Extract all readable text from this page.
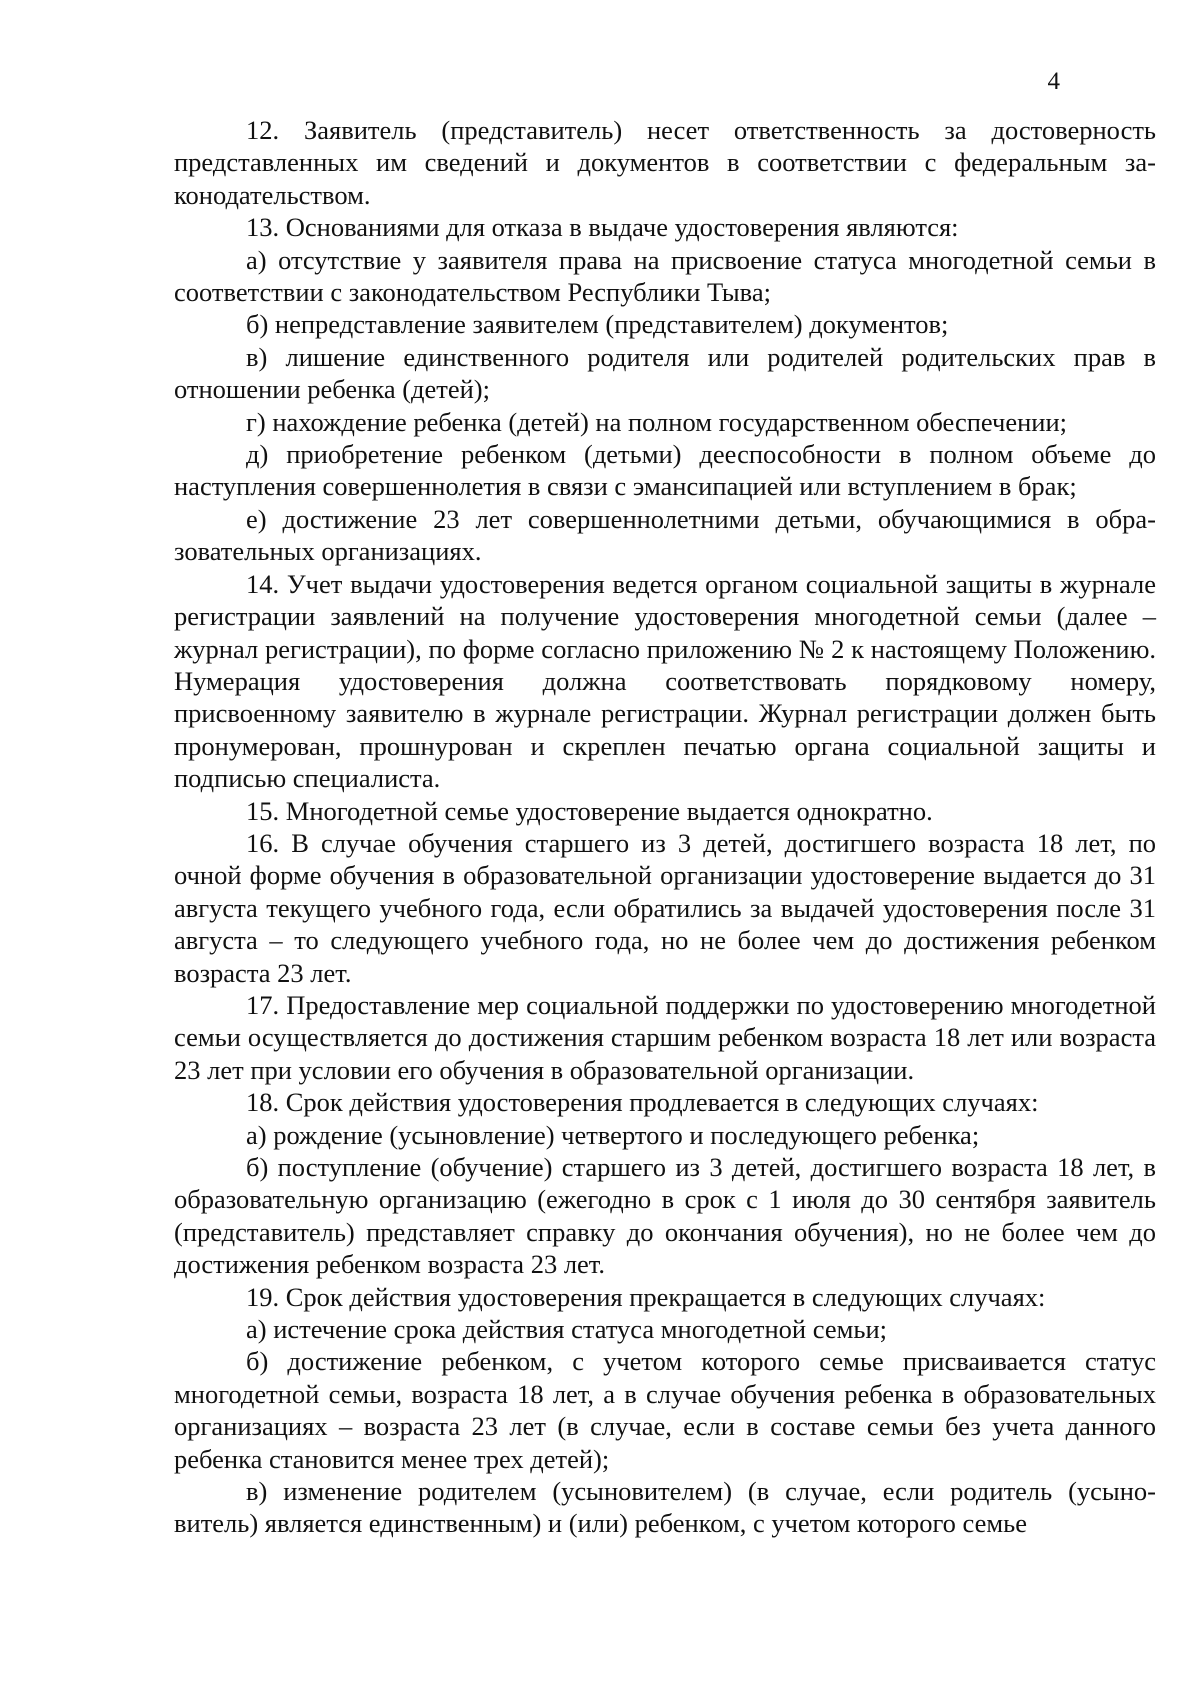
4

12. Заявитель (представитель) несет ответственность за достоверность представленных им сведений и документов в соответствии с федеральным законодательством.

13. Основаниями для отказа в выдаче удостоверения являются:

а) отсутствие у заявителя права на присвоение статуса многодетной семьи в соответствии с законодательством Республики Тыва;

б) непредставление заявителем (представителем) документов;

в) лишение единственного родителя или родителей родительских прав в отношении ребенка (детей);

г) нахождение ребенка (детей) на полном государственном обеспечении;

д) приобретение ребенком (детьми) дееспособности в полном объеме до наступления совершеннолетия в связи с эмансипацией или вступлением в брак;

е) достижение 23 лет совершеннолетними детьми, обучающимися в образовательных организациях.

14. Учет выдачи удостоверения ведется органом социальной защиты в журнале регистрации заявлений на получение удостоверения многодетной семьи (далее – журнал регистрации), по форме согласно приложению № 2 к настоящему Положению. Нумерация удостоверения должна соответствовать порядковому номеру, присвоенному заявителю в журнале регистрации. Журнал регистрации должен быть пронумерован, прошнурован и скреплен печатью органа социальной защиты и подписью специалиста.

15. Многодетной семье удостоверение выдается однократно.

16. В случае обучения старшего из 3 детей, достигшего возраста 18 лет, по очной форме обучения в образовательной организации удостоверение выдается до 31 августа текущего учебного года, если обратились за выдачей удостоверения после 31 августа – то следующего учебного года, но не более чем до достижения ребенком возраста 23 лет.

17. Предоставление мер социальной поддержки по удостоверению многодетной семьи осуществляется до достижения старшим ребенком возраста 18 лет или возраста 23 лет при условии его обучения в образовательной организации.

18. Срок действия удостоверения продлевается в следующих случаях:

а) рождение (усыновление) четвертого и последующего ребенка;

б) поступление (обучение) старшего из 3 детей, достигшего возраста 18 лет, в образовательную организацию (ежегодно в срок с 1 июля до 30 сентября заявитель (представитель) представляет справку до окончания обучения), но не более чем до достижения ребенком возраста 23 лет.

19. Срок действия удостоверения прекращается в следующих случаях:

а) истечение срока действия статуса многодетной семьи;

б) достижение ребенком, с учетом которого семье присваивается статус многодетной семьи, возраста 18 лет, а в случае обучения ребенка в образовательных организациях – возраста 23 лет (в случае, если в составе семьи без учета данного ребенка становится менее трех детей);

в) изменение родителем (усыновителем) (в случае, если родитель (усыновитель) является единственным) и (или) ребенком, с учетом которого семье
